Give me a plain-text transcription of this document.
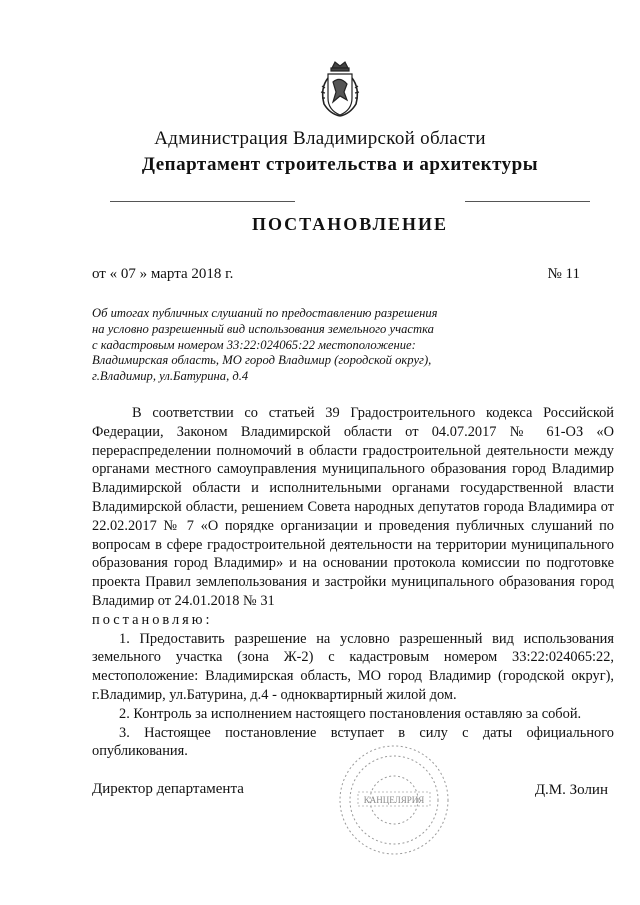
Администрация Владимирской области
Департамент строительства и архитектуры
ПОСТАНОВЛЕНИЕ
от « 07 » марта 2018 г.	№ 11
Об итогах публичных слушаний по предоставлению разрешения
на условно разрешенный вид использования земельного участка
с кадастровым номером 33:22:024065:22 местоположение:
Владимирская область, МО город Владимир (городской округ),
г.Владимир, ул.Батурина, д.4

В соответствии со статьей 39 Градостроительного кодекса Российской Федерации, Законом Владимирской области от 04.07.2017 № 61-ОЗ «О перераспределении полномочий в области градостроительной деятельности между органами местного самоуправления муниципального образования город Владимир Владимирской области и исполнительными органами государственной власти Владимирской области, решением Совета народных депутатов города Владимира от 22.02.2017 № 7 «О порядке организации и проведения публичных слушаний по вопросам в сфере градостроительной деятельности на территории муниципального образования город Владимир» и на основании протокола комиссии по подготовке проекта Правил землепользования и застройки муниципального образования город Владимир от 24.01.2018 № 31

постановляю:

1. Предоставить разрешение на условно разрешенный вид использования земельного участка (зона Ж-2) с кадастровым номером 33:22:024065:22, местоположение: Владимирская область, МО город Владимир (городской округ), г.Владимир, ул.Батурина, д.4 - одноквартирный жилой дом.

2. Контроль за исполнением настоящего постановления оставляю за собой.

3. Настоящее постановление вступает в силу с даты официального опубликования.

КАНЦЕЛЯРИЯ
Директор департамента	Д.М. Золин
